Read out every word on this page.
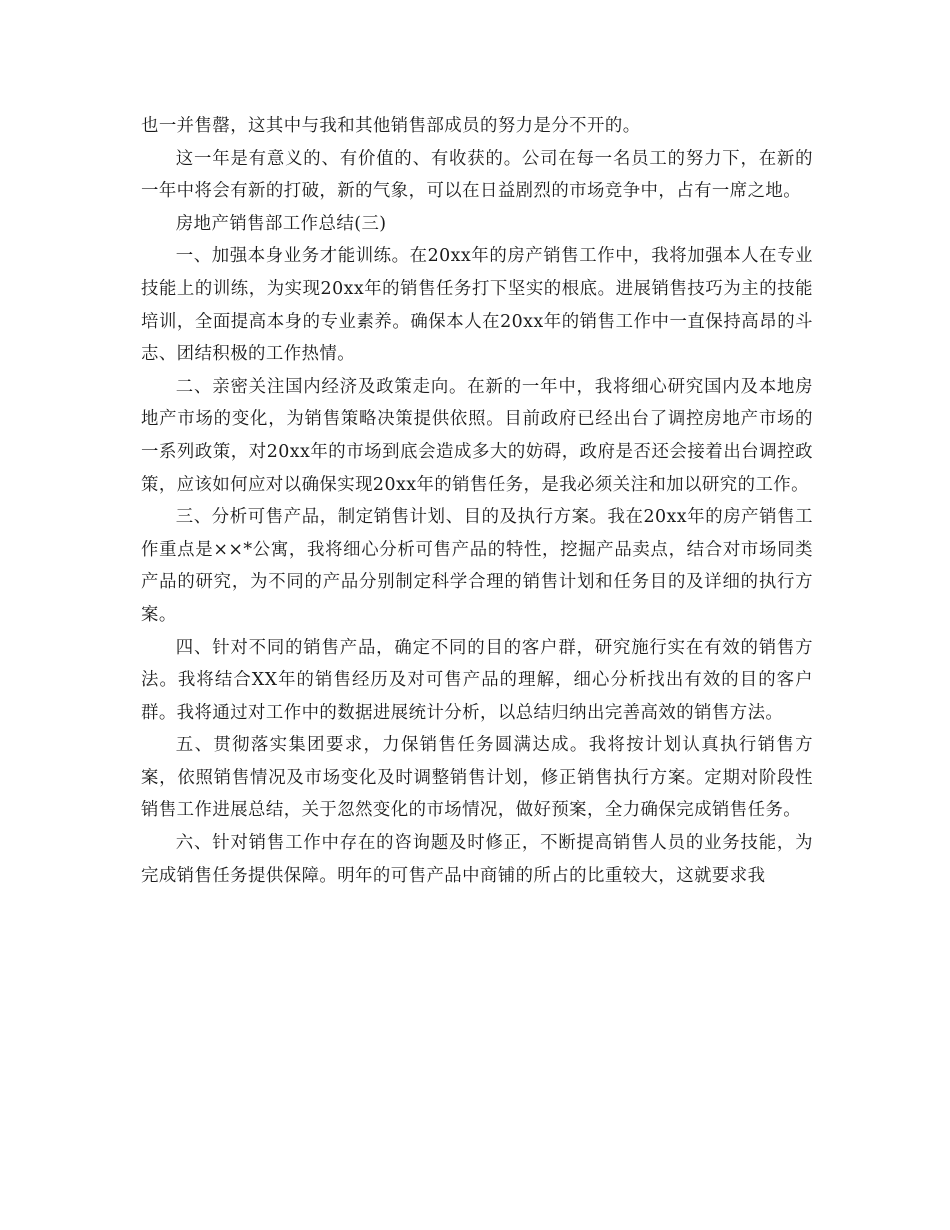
也一并售罄，这其中与我和其他销售部成员的努力是分不开的。

这一年是有意义的、有价值的、有收获的。公司在每一名员工的努力下，在新的一年中将会有新的打破，新的气象，可以在日益剧烈的市场竞争中，占有一席之地。

房地产销售部工作总结(三)

一、加强本身业务才能训练。在20xx年的房产销售工作中，我将加强本人在专业技能上的训练，为实现20xx年的销售任务打下坚实的根底。进展销售技巧为主的技能培训，全面提高本身的专业素养。确保本人在20xx年的销售工作中一直保持高昂的斗志、团结积极的工作热情。

二、亲密关注国内经济及政策走向。在新的一年中，我将细心研究国内及本地房地产市场的变化，为销售策略决策提供依照。目前政府已经出台了调控房地产市场的一系列政策，对20xx年的市场到底会造成多大的妨碍，政府是否还会接着出台调控政策，应该如何应对以确保实现20xx年的销售任务，是我必须关注和加以研究的工作。

三、分析可售产品，制定销售计划、目的及执行方案。我在20xx年的房产销售工作重点是××*公寓，我将细心分析可售产品的特性，挖掘产品卖点，结合对市场同类产品的研究，为不同的产品分别制定科学合理的销售计划和任务目的及详细的执行方案。

四、针对不同的销售产品，确定不同的目的客户群，研究施行实在有效的销售方法。我将结合XX年的销售经历及对可售产品的理解，细心分析找出有效的目的客户群。我将通过对工作中的数据进展统计分析，以总结归纳出完善高效的销售方法。

五、贯彻落实集团要求，力保销售任务圆满达成。我将按计划认真执行销售方案，依照销售情况及市场变化及时调整销售计划，修正销售执行方案。定期对阶段性销售工作进展总结，关于忽然变化的市场情况，做好预案，全力确保完成销售任务。

六、针对销售工作中存在的咨询题及时修正，不断提高销售人员的业务技能，为完成销售任务提供保障。明年的可售产品中商铺的所占的比重较大，这就要求我
